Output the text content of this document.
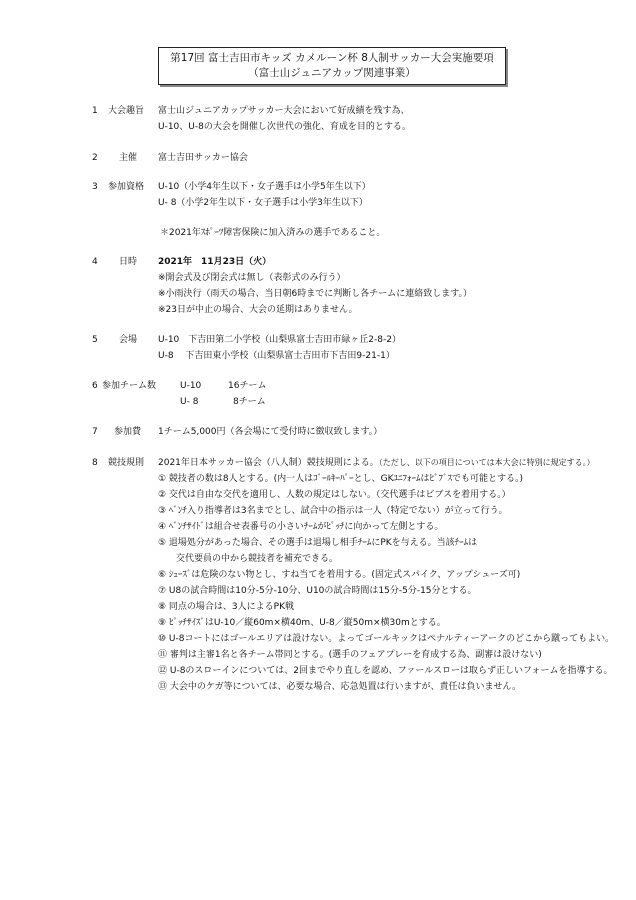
第17回 富士吉田市キッズ カメルーン杯 8人制サッカー大会実施要項
（富士山ジュニアカップ関連事業）
1 大会趣旨 富士山ジュニアカップサッカー大会において好成績を残す為、
U-10、U-8の大会を開催し次世代の強化、育成を目的とする。
2 主催 富士吉田サッカー協会
3 参加資格 U-10（小学4年生以下・女子選手は小学5年生以下）
U- 8（小学2年生以下・女子選手は小学3年生以下）
＊2021年ｽﾎﾟｰﾂ障害保険に加入済みの選手であること。
4 日時 2021年　11月23日（火）
※開会式及び閉会式は無し（表彰式のみ行う）
※小雨決行（雨天の場合、当日朝6時までに判断し各チームに連絡致します。）
※23日が中止の場合、大会の延期はありません。
5 会場 U-10　下吉田第二小学校（山梨県富士吉田市緑ヶ丘2-8-2）
U-8　 下吉田東小学校（山梨県富士吉田市下吉田9-21-1）
6 参加チーム数	U-10	16チーム
U- 8	8チーム
7 参加費 1チーム5,000円（各会場にて受付時に徴収致します。）
8 競技規則 2021年日本サッカー協会（八人制）競技規則による。（ただし、以下の項目については本大会に特別に規定する。）
① 競技者の数は8人とする。(内一人はｺﾞｰﾙｷｰﾊﾟｰとし、GKﾕﾆﾌｫｰﾑはﾋﾞﾌﾞｽでも可能とする。)
② 交代は自由な交代を適用し、人数の規定はしない。（交代選手はビブスを着用する。）
③ ﾍﾞﾝﾁ入り指導者は3名までとし、試合中の指示は一人（特定でない）が立って行う。
④ ﾍﾞﾝﾁｻｲﾄﾞは組合せ表番号の小さいﾁｰﾑがﾋﾟｯﾁに向かって左側とする。
⑤ 退場処分があった場合、その選手は退場し相手ﾁｰﾑにPKを与える。当該ﾁｰﾑは
　　交代要員の中から競技者を補充できる。
⑥ ｼｭｰｽﾞは危険のない物とし、すね当てを着用する。(固定式スパイク、アップシューズ可)
⑦ U8の試合時間は10分-5分-10分、U10の試合時間は15分-5分-15分とする。
⑧ 同点の場合は、3人によるPK戦
⑨ ﾋﾟｯﾁｻｲｽﾞはU-10／縦60m×横40m、U-8／縦50m×横30mとする。
⑩ U-8コートにはゴールエリアは設けない。よってゴールキックはペナルティーアークのどこから蹴ってもよい。
⑪ 審判は主審1名と各チーム帯同とする。(選手のフェアプレーを育成する為、副審は設けない)
⑫ U-8のスローインについては、2回までやり直しを認め、ファールスローは取らず正しいフォームを指導する。
⑬ 大会中のケガ等については、必要な場合、応急処置は行いますが、責任は負いません。
